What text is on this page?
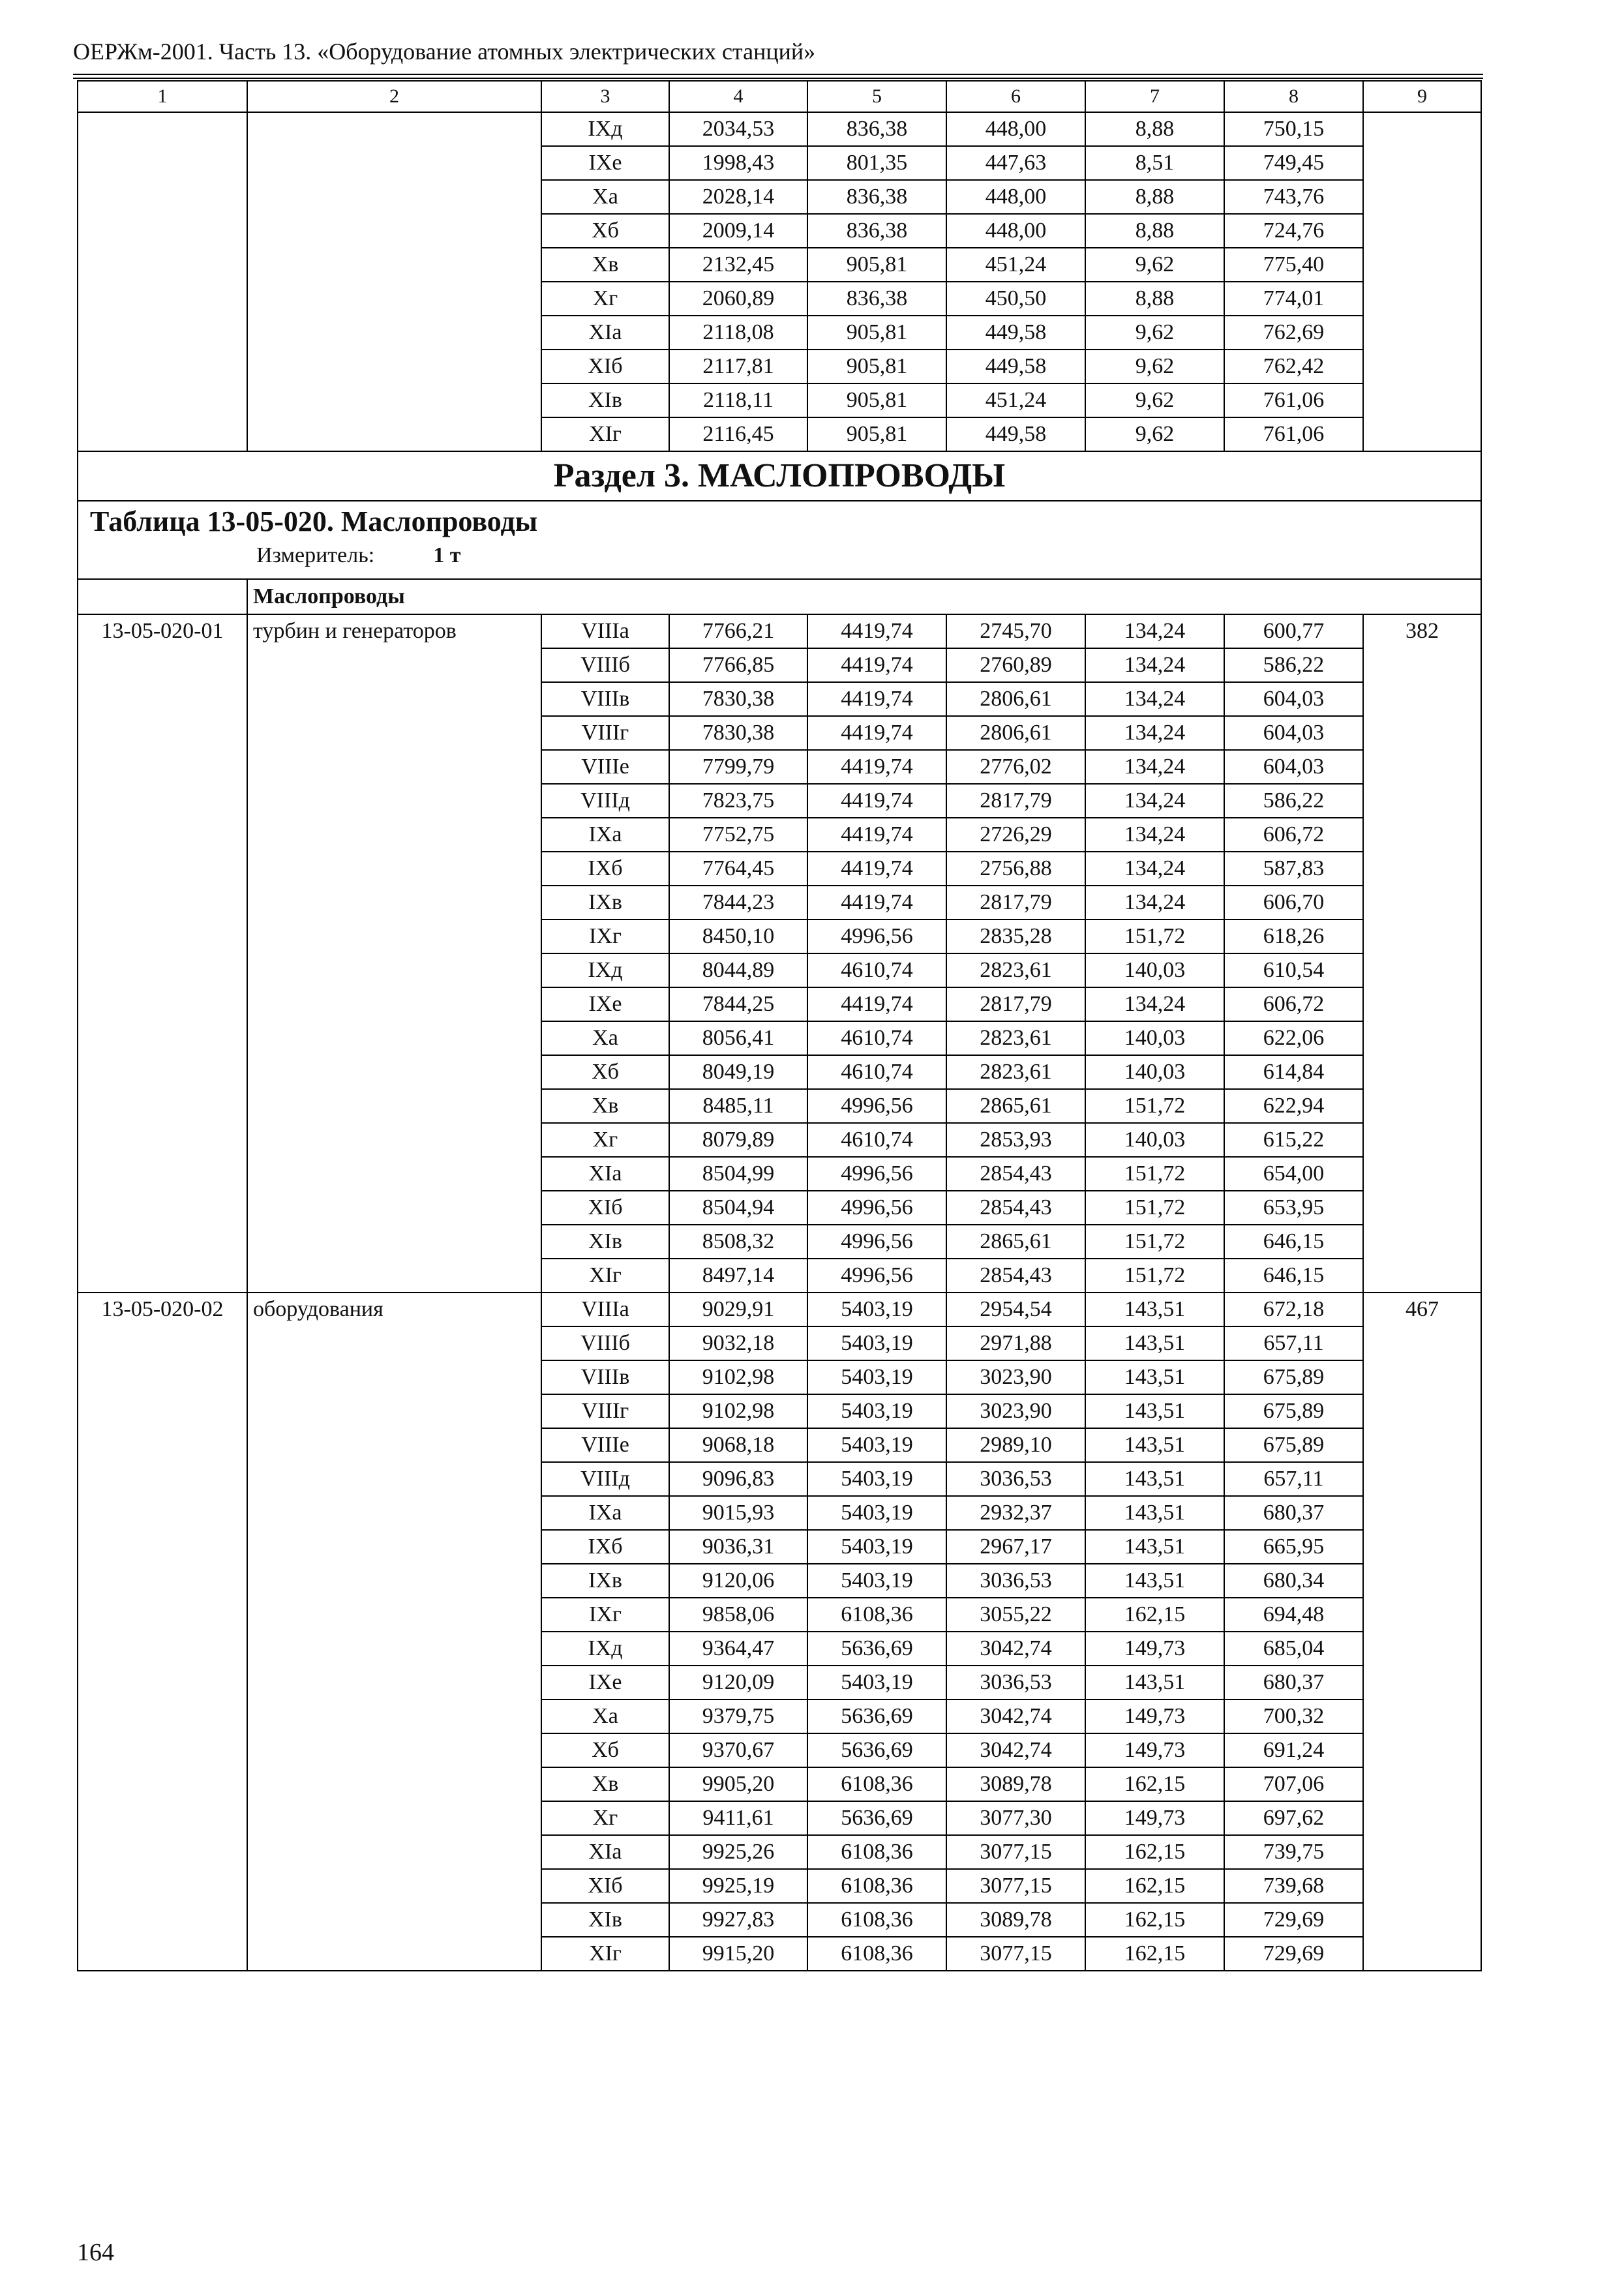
ОЕРЖм-2001. Часть 13. «Оборудование атомных электрических станций»
1	2	3	4	5	6	7	8	9
		IXд	2034,53	836,38	448,00	8,88	750,15	
		IXe	1998,43	801,35	447,63	8,51	749,45	
		Xa	2028,14	836,38	448,00	8,88	743,76	
		Xб	2009,14	836,38	448,00	8,88	724,76	
		Xв	2132,45	905,81	451,24	9,62	775,40	
		Xг	2060,89	836,38	450,50	8,88	774,01	
		XIa	2118,08	905,81	449,58	9,62	762,69	
		XIб	2117,81	905,81	449,58	9,62	762,42	
		XIв	2118,11	905,81	451,24	9,62	761,06	
		XIг	2116,45	905,81	449,58	9,62	761,06	
Раздел 3. МАСЛОПРОВОДЫ								

Таблица 13-05-020. Маслопроводы
Измеритель: 1 т								

	Маслопроводы							
13-05-020-01	турбин и генераторов	VIIIa	7766,21	4419,74	2745,70	134,24	600,77	382
		VIIIб	7766,85	4419,74	2760,89	134,24	586,22	
		VIIIв	7830,38	4419,74	2806,61	134,24	604,03	
		VIIIг	7830,38	4419,74	2806,61	134,24	604,03	
		VIIIe	7799,79	4419,74	2776,02	134,24	604,03	
		VIIIд	7823,75	4419,74	2817,79	134,24	586,22	
		IXa	7752,75	4419,74	2726,29	134,24	606,72	
		IXб	7764,45	4419,74	2756,88	134,24	587,83	
		IXв	7844,23	4419,74	2817,79	134,24	606,70	
		IXг	8450,10	4996,56	2835,28	151,72	618,26	
		IXд	8044,89	4610,74	2823,61	140,03	610,54	
		IXe	7844,25	4419,74	2817,79	134,24	606,72	
		Xa	8056,41	4610,74	2823,61	140,03	622,06	
		Xб	8049,19	4610,74	2823,61	140,03	614,84	
		Xв	8485,11	4996,56	2865,61	151,72	622,94	
		Xг	8079,89	4610,74	2853,93	140,03	615,22	
		XIa	8504,99	4996,56	2854,43	151,72	654,00	
		XIб	8504,94	4996,56	2854,43	151,72	653,95	
		XIв	8508,32	4996,56	2865,61	151,72	646,15	
		XIг	8497,14	4996,56	2854,43	151,72	646,15	
13-05-020-02	оборудования	VIIIa	9029,91	5403,19	2954,54	143,51	672,18	467
		VIIIб	9032,18	5403,19	2971,88	143,51	657,11	
		VIIIв	9102,98	5403,19	3023,90	143,51	675,89	
		VIIIг	9102,98	5403,19	3023,90	143,51	675,89	
		VIIIe	9068,18	5403,19	2989,10	143,51	675,89	
		VIIIд	9096,83	5403,19	3036,53	143,51	657,11	
		IXa	9015,93	5403,19	2932,37	143,51	680,37	
		IXб	9036,31	5403,19	2967,17	143,51	665,95	
		IXв	9120,06	5403,19	3036,53	143,51	680,34	
		IXг	9858,06	6108,36	3055,22	162,15	694,48	
		IXд	9364,47	5636,69	3042,74	149,73	685,04	
		IXe	9120,09	5403,19	3036,53	143,51	680,37	
		Xa	9379,75	5636,69	3042,74	149,73	700,32	
		Xб	9370,67	5636,69	3042,74	149,73	691,24	
		Xв	9905,20	6108,36	3089,78	162,15	707,06	
		Xг	9411,61	5636,69	3077,30	149,73	697,62	
		XIa	9925,26	6108,36	3077,15	162,15	739,75	
		XIб	9925,19	6108,36	3077,15	162,15	739,68	
		XIв	9927,83	6108,36	3089,78	162,15	729,69	
		XIг	9915,20	6108,36	3077,15	162,15	729,69	
164
